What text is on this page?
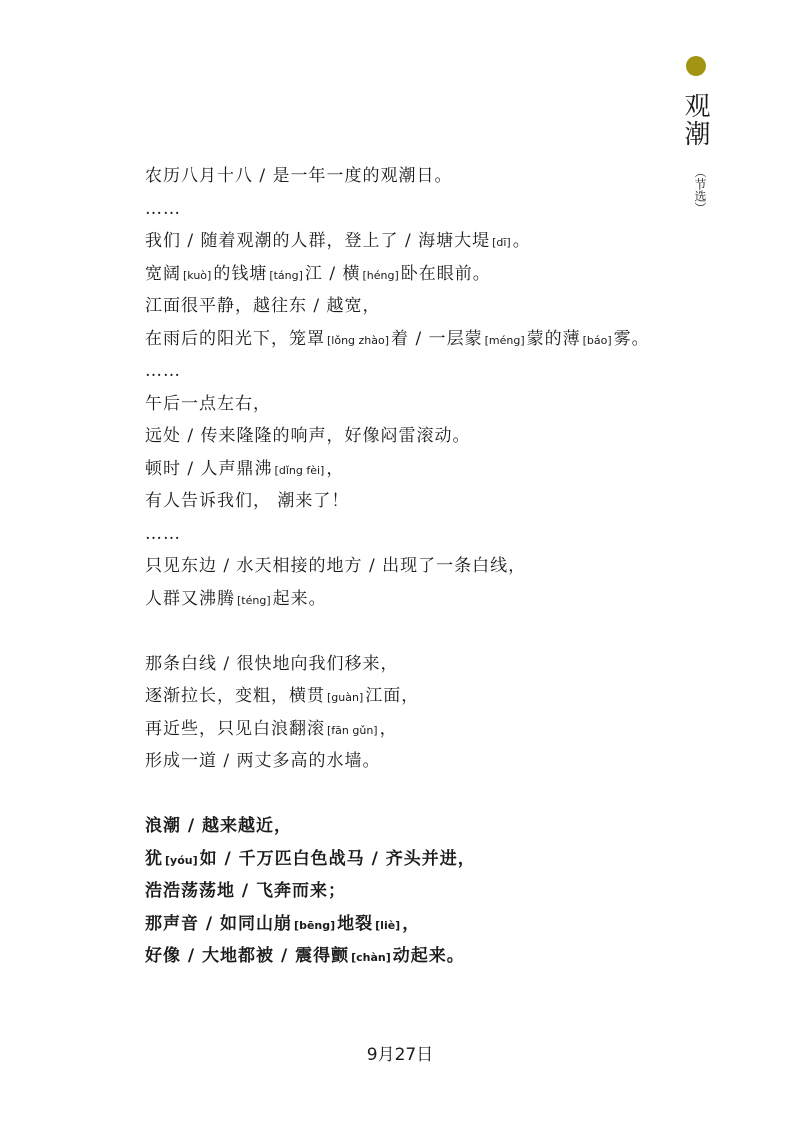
观潮
（节选）
农历八月十八 / 是一年一度的观潮日。
……
我们 / 随着观潮的人群，登上了 / 海塘大堤 [dī] 。
宽阔 [kuò] 的钱塘 [táng] 江 / 横 [héng] 卧在眼前。
江面很平静，越往东 / 越宽，
在雨后的阳光下，笼罩 [lǒng zhào] 着 / 一层蒙 [méng] 蒙的薄 [báo] 雾。
……
午后一点左右，
远处 / 传来隆隆的响声，好像闷雷滚动。
顿时 / 人声鼎沸 [dǐng fèi] ，
有人告诉我们， 潮来了！
……
只见东边 / 水天相接的地方 / 出现了一条白线，
人群又沸腾 [téng] 起来。
那条白线 / 很快地向我们移来，
逐渐拉长，变粗，横贯 [guàn] 江面，
再近些，只见白浪翻滚 [fān gǔn] ，
形成一道 / 两丈多高的水墙。
浪潮 / 越来越近，
犹 [yóu] 如 / 千万匹白色战马 / 齐头并进，
浩浩荡荡地 / 飞奔而来；
那声音 / 如同山崩 [bēng] 地裂 [liè] ，
好像 / 大地都被 / 震得颤 [chàn] 动起来。
9月27日
